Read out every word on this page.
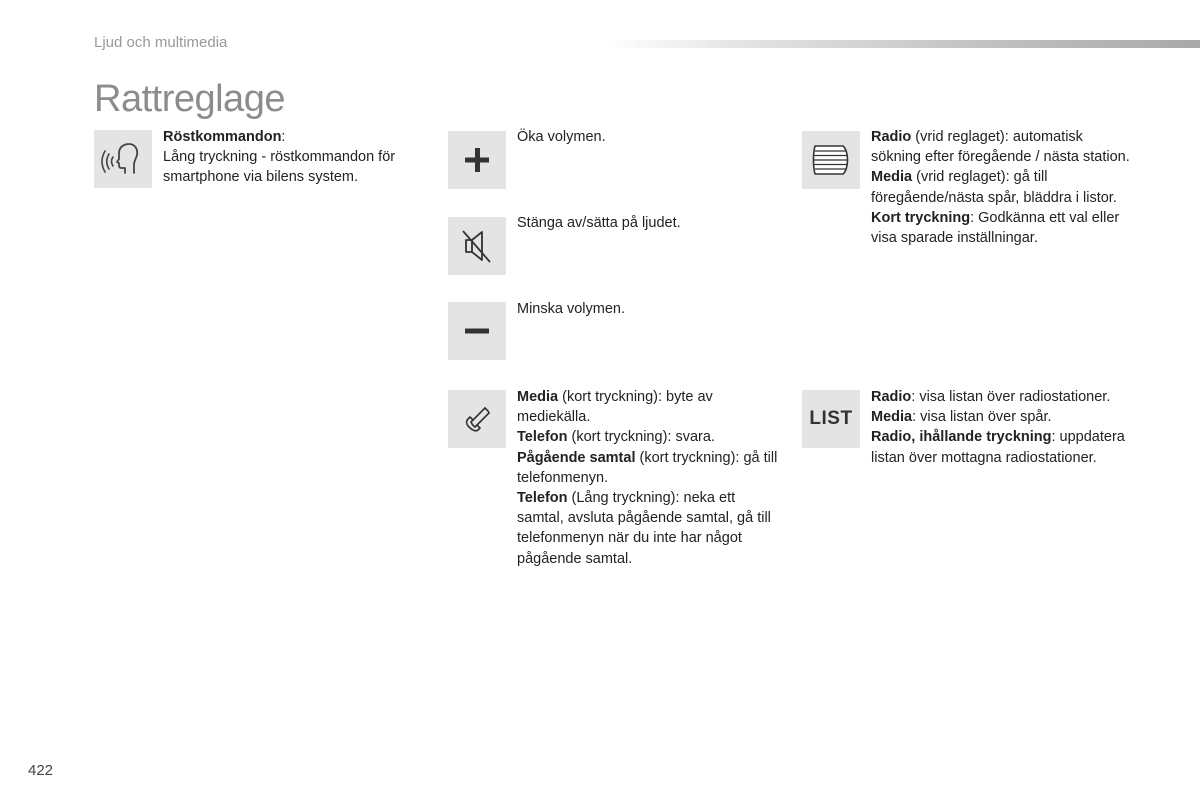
Ljud och multimedia
Rattreglage
Röstkommandon:
Lång tryckning - röstkommandon för smartphone via bilens system.
Öka volymen.
Stänga av/sätta på ljudet.
Minska volymen.
Media (kort tryckning): byte av mediekälla.
Telefon (kort tryckning): svara.
Pågående samtal (kort tryckning): gå till telefonmenyn.
Telefon (Lång tryckning): neka ett samtal, avsluta pågående samtal, gå till telefonmenyn när du inte har något pågående samtal.
Radio (vrid reglaget): automatisk sökning efter föregående / nästa station.
Media (vrid reglaget): gå till föregående/nästa spår, bläddra i listor.
Kort tryckning: Godkänna ett val eller visa sparade inställningar.
LIST
Radio: visa listan över radiostationer.
Media: visa listan över spår.
Radio, ihållande tryckning: uppdatera listan över mottagna radiostationer.
422
